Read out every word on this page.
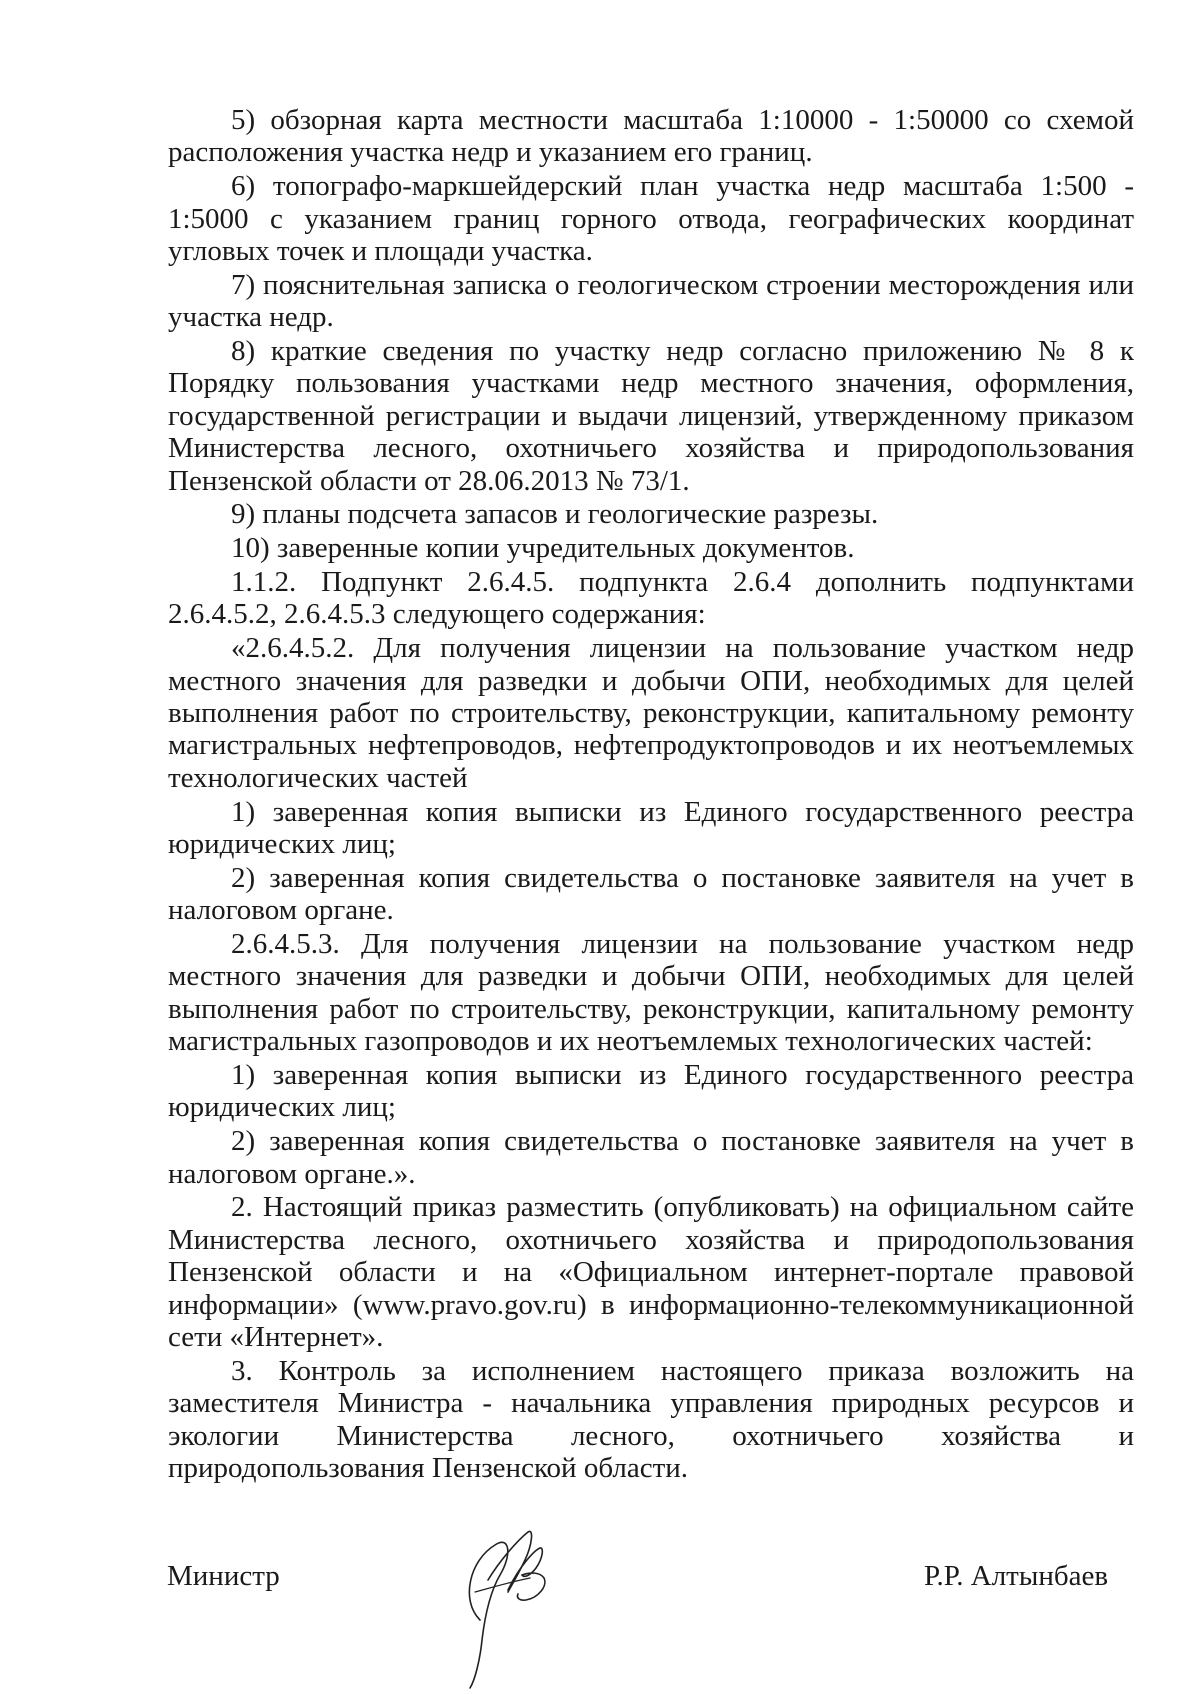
5) обзорная карта местности масштаба 1:10000 - 1:50000 со схемой расположения участка недр и указанием его границ.

6) топографо-маркшейдерский план участка недр масштаба 1:500 - 1:5000 с указанием границ горного отвода, географических координат угловых точек и площади участка.

7) пояснительная записка о геологическом строении месторождения или участка недр.

8) краткие сведения по участку недр согласно приложению № 8 к Порядку пользования участками недр местного значения, оформления, государственной регистрации и выдачи лицензий, утвержденному приказом Министерства лесного, охотничьего хозяйства и природопользования Пензенской области от 28.06.2013 № 73/1.

9) планы подсчета запасов и геологические разрезы.

10) заверенные копии учредительных документов.

1.1.2. Подпункт 2.6.4.5. подпункта 2.6.4 дополнить подпунктами 2.6.4.5.2, 2.6.4.5.3 следующего содержания:

«2.6.4.5.2. Для получения лицензии на пользование участком недр местного значения для разведки и добычи ОПИ, необходимых для целей выполнения работ по строительству, реконструкции, капитальному ремонту магистральных нефтепроводов, нефтепродуктопроводов и их неотъемлемых технологических частей

1) заверенная копия выписки из Единого государственного реестра юридических лиц;

2) заверенная копия свидетельства о постановке заявителя на учет в налоговом органе.

2.6.4.5.3. Для получения лицензии на пользование участком недр местного значения для разведки и добычи ОПИ, необходимых для целей выполнения работ по строительству, реконструкции, капитальному ремонту магистральных газопроводов и их неотъемлемых технологических частей:

1) заверенная копия выписки из Единого государственного реестра юридических лиц;

2) заверенная копия свидетельства о постановке заявителя на учет в налоговом органе.».

2. Настоящий приказ разместить (опубликовать) на официальном сайте Министерства лесного, охотничьего хозяйства и природопользования Пензенской области и на «Официальном интернет-портале правовой информации» (www.pravo.gov.ru) в информационно-телекоммуникационной сети «Интернет».

3. Контроль за исполнением настоящего приказа возложить на заместителя Министра - начальника управления природных ресурсов и экологии Министерства лесного, охотничьего хозяйства и природопользования Пензенской области.

Министр	Р.Р. Алтынбаев
